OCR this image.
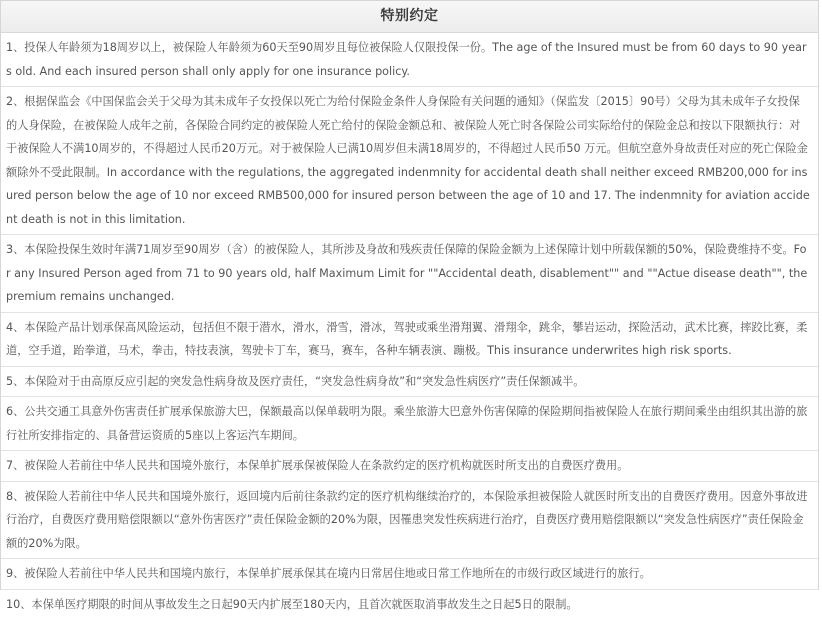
特别约定
1、投保人年龄须为18周岁以上，被保险人年龄须为60天至90周岁且每位被保险人仅限投保一份。The age of the Insured must be from 60 days to 90 years old. And each insured person shall only apply for one insurance policy.
2、根据保监会《中国保监会关于父母为其未成年子女投保以死亡为给付保险金条件人身保险有关问题的通知》（保监发〔2015〕90号）父母为其未成年子女投保的人身保险，在被保险人成年之前，各保险合同约定的被保险人死亡给付的保险金额总和、被保险人死亡时各保险公司实际给付的保险金总和按以下限额执行：对于被保险人不满10周岁的，不得超过人民币20万元。对于被保险人已满10周岁但未满18周岁的，不得超过人民币50 万元。但航空意外身故责任对应的死亡保险金额除外不受此限制。In accordance with the regulations, the aggregated indenmnity for accidental death shall neither exceed RMB200,000 for insured person below the age of 10 nor exceed RMB500,000 for insured person between the age of 10 and 17. The indenmnity for aviation accident death is not in this limitation.
3、本保险投保生效时年满71周岁至90周岁（含）的被保险人，其所涉及身故和残疾责任保障的保险金额为上述保障计划中所载保额的50%，保险费维持不变。For any Insured Person aged from 71 to 90 years old, half Maximum Limit for ""Accidental death, disablement"" and ""Actue disease death"", the premium remains unchanged.
4、本保险产品计划承保高风险运动，包括但不限于潜水，滑水，滑雪，滑冰，驾驶或乘坐滑翔翼、滑翔伞，跳伞，攀岩运动，探险活动，武术比赛，摔跤比赛，柔道，空手道，跆拳道，马术，拳击，特技表演，驾驶卡丁车，赛马，赛车，各种车辆表演、蹦极。This insurance underwrites high risk sports.
5、本保险对于由高原反应引起的突发急性病身故及医疗责任，“突发急性病身故”和“突发急性病医疗”责任保额减半。
6、公共交通工具意外伤害责任扩展承保旅游大巴，保额最高以保单载明为限。乘坐旅游大巴意外伤害保障的保险期间指被保险人在旅行期间乘坐由组织其出游的旅行社所安排指定的、具备营运资质的5座以上客运汽车期间。
7、被保险人若前往中华人民共和国境外旅行，本保单扩展承保被保险人在条款约定的医疗机构就医时所支出的自费医疗费用。
8、被保险人若前往中华人民共和国境外旅行，返回境内后前往条款约定的医疗机构继续治疗的，本保险承担被保险人就医时所支出的自费医疗费用。因意外事故进行治疗，自费医疗费用赔偿限额以“意外伤害医疗”责任保险金额的20%为限，因罹患突发性疾病进行治疗，自费医疗费用赔偿限额以“突发急性病医疗”责任保险金额的20%为限。
9、被保险人若前往中华人民共和国境内旅行，本保单扩展承保其在境内日常居住地或日常工作地所在的市级行政区域进行的旅行。
10、本保单医疗期限的时间从事故发生之日起90天内扩展至180天内，且首次就医取消事故发生之日起5日的限制。
